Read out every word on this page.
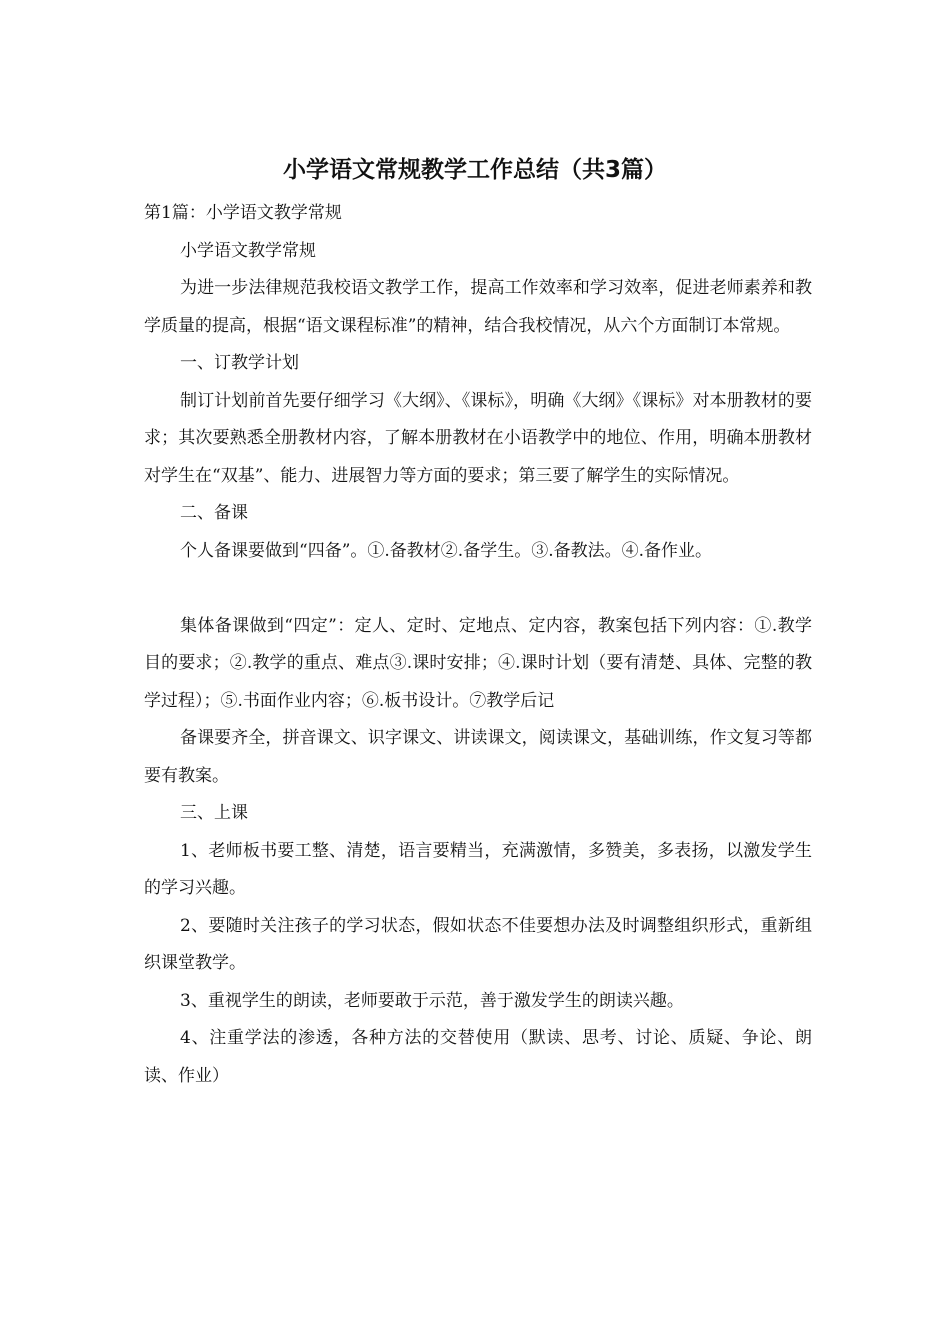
小学语文常规教学工作总结（共3篇）

第1篇：小学语文教学常规

小学语文教学常规

为进一步法律规范我校语文教学工作，提高工作效率和学习效率，促进老师素养和教学质量的提高，根据“语文课程标准”的精神，结合我校情况，从六个方面制订本常规。

一、订教学计划

制订计划前首先要仔细学习《大纲》、《课标》，明确《大纲》《课标》对本册教材的要求；其次要熟悉全册教材内容，了解本册教材在小语教学中的地位、作用，明确本册教材对学生在“双基”、能力、进展智力等方面的要求；第三要了解学生的实际情况。

二、备课

个人备课要做到“四备”。①.备教材②.备学生。③.备教法。④.备作业。

集体备课做到“四定”：定人、定时、定地点、定内容，教案包括下列内容：①.教学目的要求；②.教学的重点、难点③.课时安排；④.课时计划（要有清楚、具体、完整的教学过程）；⑤.书面作业内容；⑥.板书设计。⑦教学后记

备课要齐全，拼音课文、识字课文、讲读课文，阅读课文，基础训练，作文复习等都要有教案。

三、上课

1、老师板书要工整、清楚，语言要精当，充满激情，多赞美，多表扬，以激发学生的学习兴趣。

2、要随时关注孩子的学习状态，假如状态不佳要想办法及时调整组织形式，重新组织课堂教学。

3、重视学生的朗读，老师要敢于示范，善于激发学生的朗读兴趣。

4、注重学法的渗透，各种方法的交替使用（默读、思考、讨论、质疑、争论、朗读、作业）
